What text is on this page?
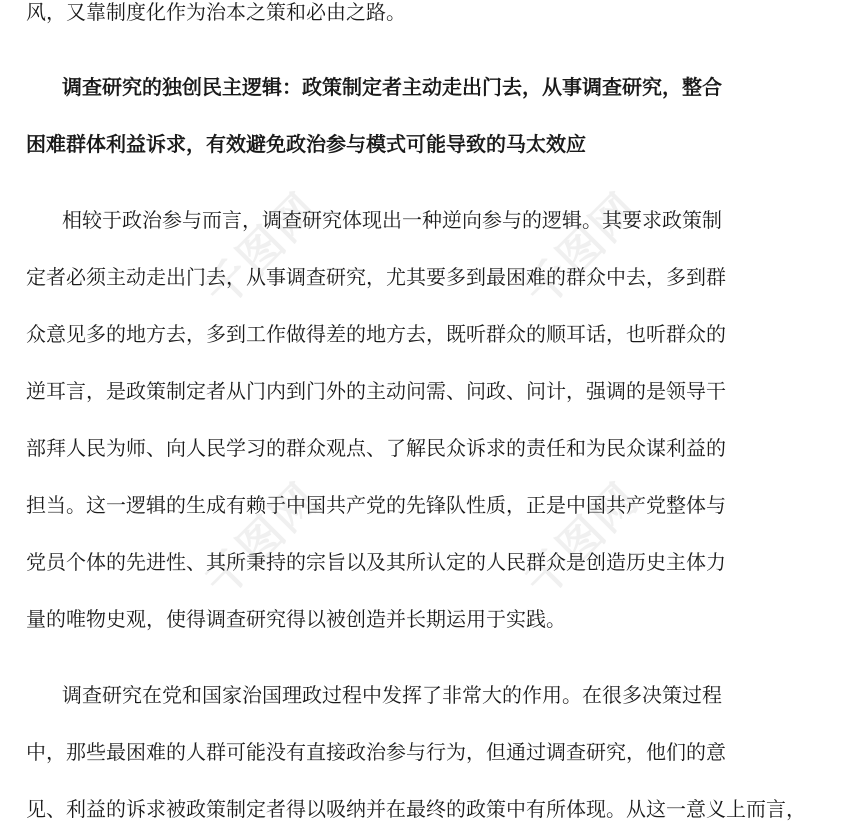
千图网	千图网
千图网	千图网

风，又靠制度化作为治本之策和必由之路。

调查研究的独创民主逻辑：政策制定者主动走出门去，从事调查研究，整合

困难群体利益诉求，有效避免政治参与模式可能导致的马太效应

相较于政治参与而言，调查研究体现出一种逆向参与的逻辑。其要求政策制

定者必须主动走出门去，从事调查研究，尤其要多到最困难的群众中去，多到群

众意见多的地方去，多到工作做得差的地方去，既听群众的顺耳话，也听群众的

逆耳言，是政策制定者从门内到门外的主动问需、问政、问计，强调的是领导干

部拜人民为师、向人民学习的群众观点、了解民众诉求的责任和为民众谋利益的

担当。这一逻辑的生成有赖于中国共产党的先锋队性质，正是中国共产党整体与

党员个体的先进性、其所秉持的宗旨以及其所认定的人民群众是创造历史主体力

量的唯物史观，使得调查研究得以被创造并长期运用于实践。

调查研究在党和国家治国理政过程中发挥了非常大的作用。在很多决策过程

中，那些最困难的人群可能没有直接政治参与行为，但通过调查研究，他们的意

见、利益的诉求被政策制定者得以吸纳并在最终的政策中有所体现。从这一意义上而言，
